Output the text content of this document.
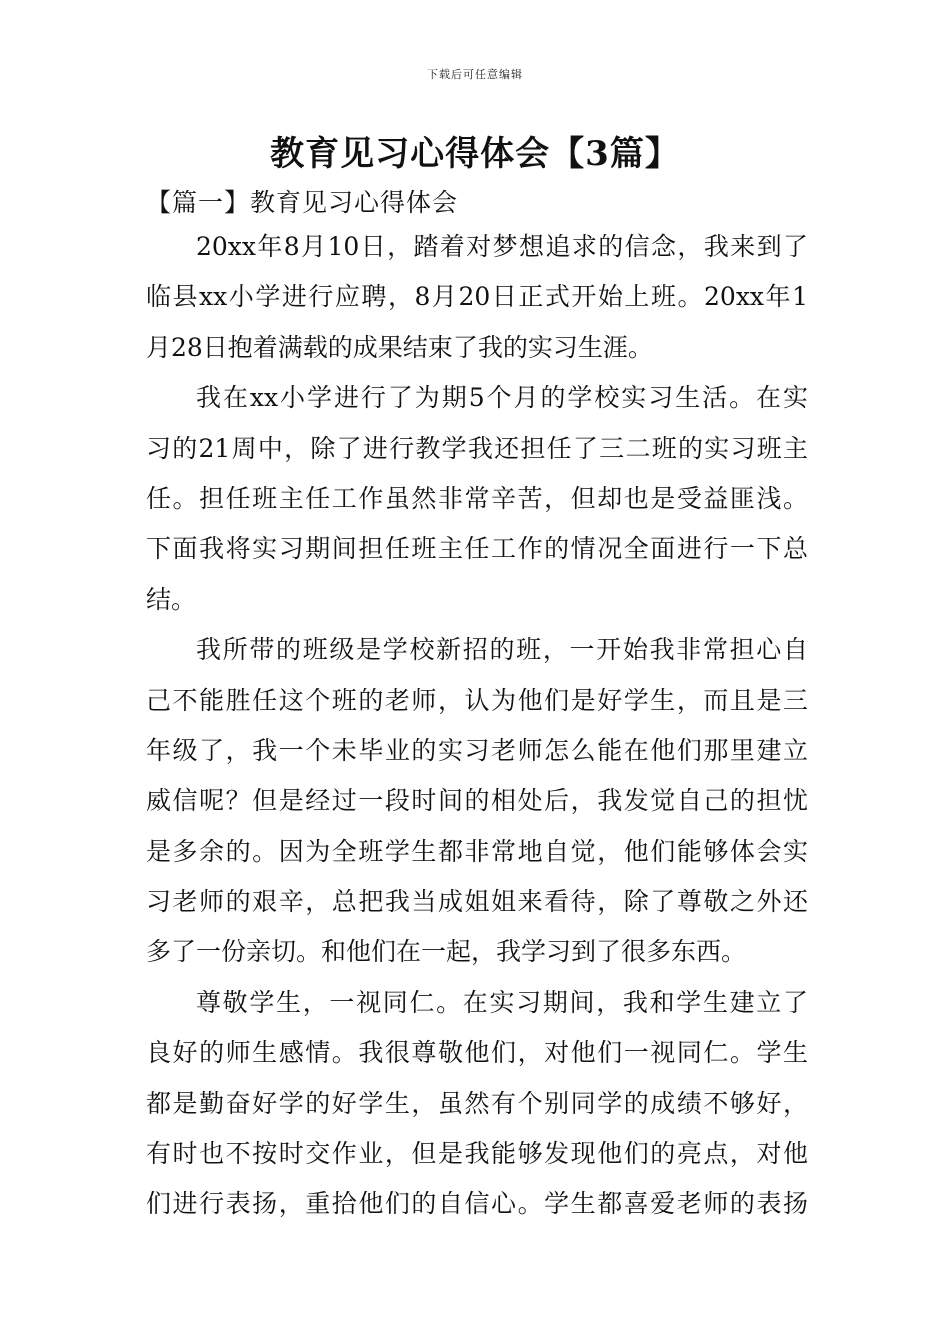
下载后可任意编辑
教育见习心得体会【3篇】
【篇一】教育见习心得体会
20xx年8月10日，踏着对梦想追求的信念，我来到了
临县xx小学进行应聘，8月20日正式开始上班。20xx年1
月28日抱着满载的成果结束了我的实习生涯。
我在xx小学进行了为期5个月的学校实习生活。在实
习的21周中，除了进行教学我还担任了三二班的实习班主
任。担任班主任工作虽然非常辛苦，但却也是受益匪浅。
下面我将实习期间担任班主任工作的情况全面进行一下总
结。
我所带的班级是学校新招的班，一开始我非常担心自
己不能胜任这个班的老师，认为他们是好学生，而且是三
年级了，我一个未毕业的实习老师怎么能在他们那里建立
威信呢？但是经过一段时间的相处后，我发觉自己的担忧
是多余的。因为全班学生都非常地自觉，他们能够体会实
习老师的艰辛，总把我当成姐姐来看待，除了尊敬之外还
多了一份亲切。和他们在一起，我学习到了很多东西。
尊敬学生，一视同仁。在实习期间，我和学生建立了
良好的师生感情。我很尊敬他们，对他们一视同仁。学生
都是勤奋好学的好学生，虽然有个别同学的成绩不够好，
有时也不按时交作业，但是我能够发现他们的亮点，对他
们进行表扬，重拾他们的自信心。学生都喜爱老师的表扬
